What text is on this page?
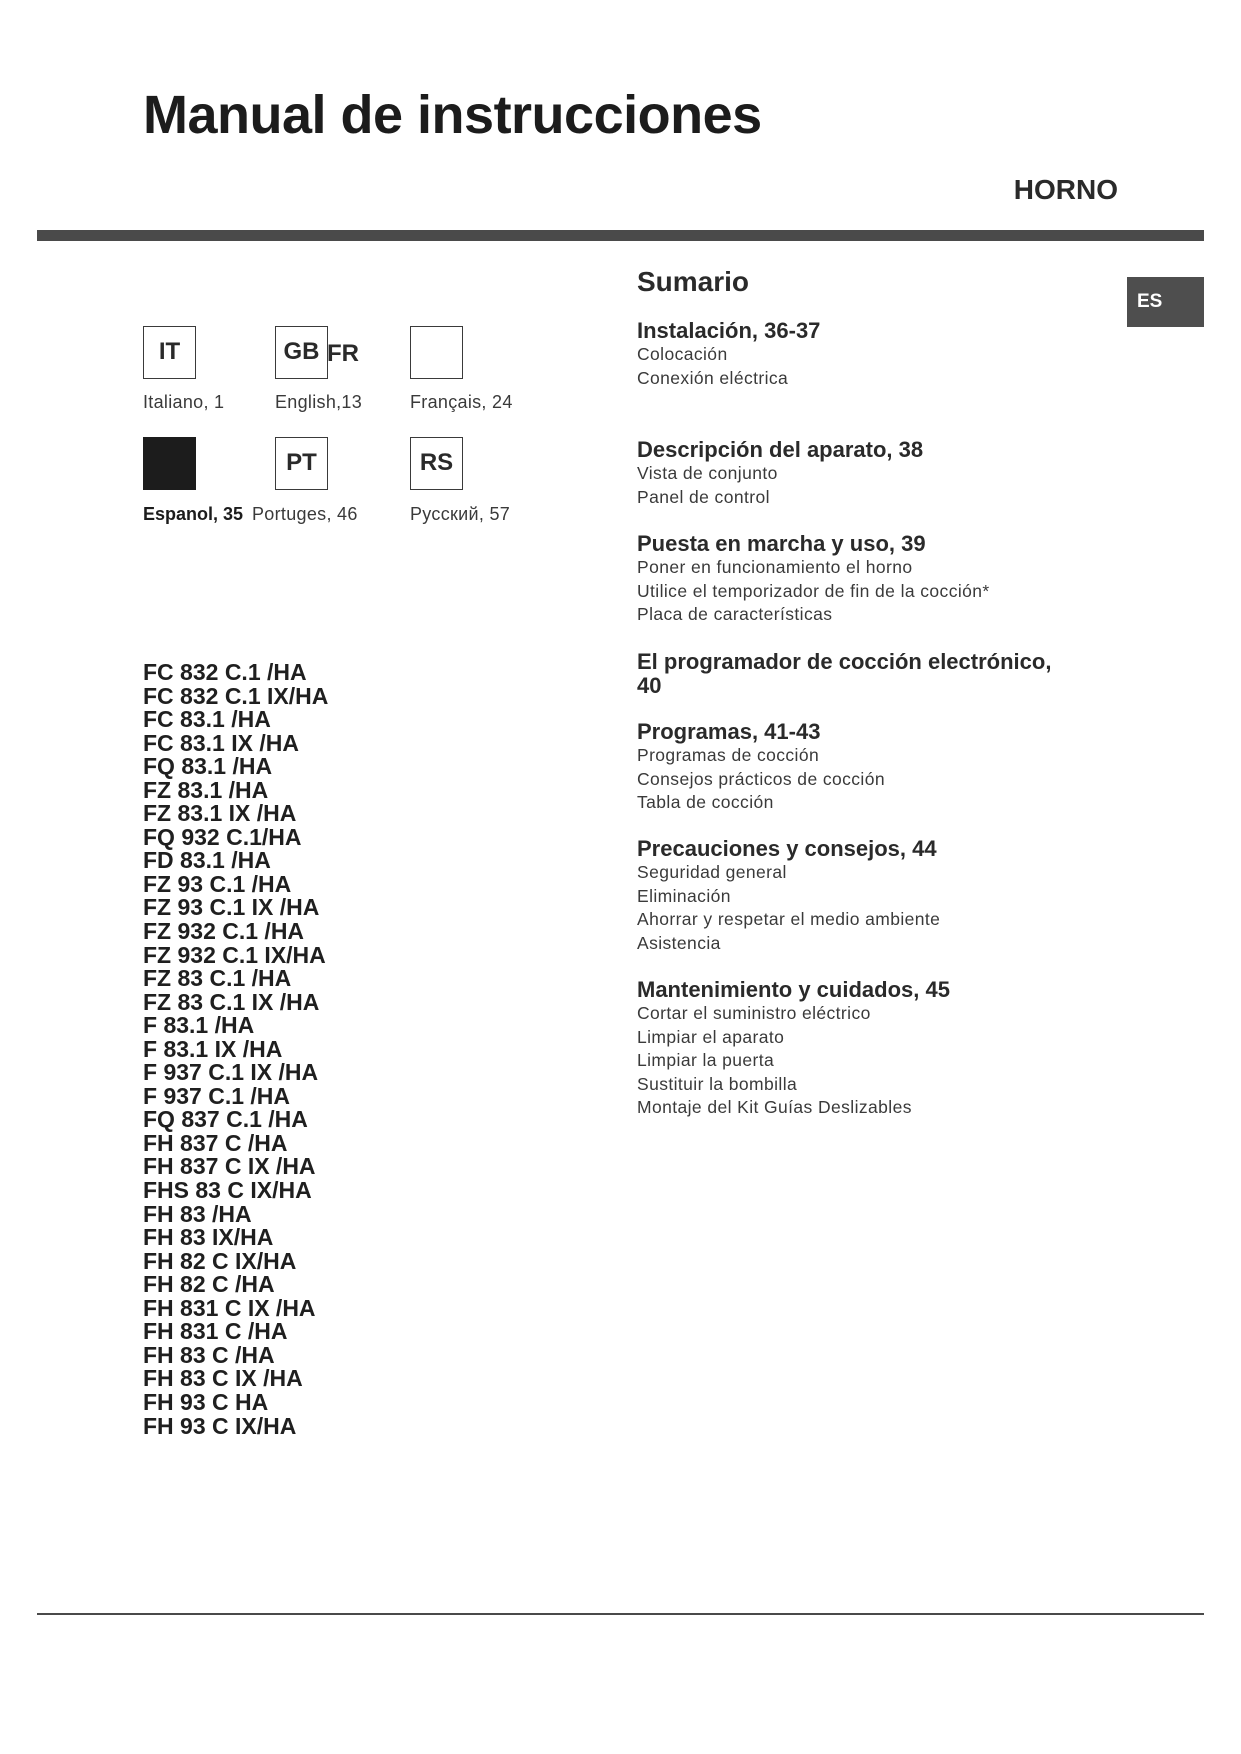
Manual de instrucciones
HORNO
ES
IT
Italiano, 1
GB FR
English,13	Français, 24
Espanol, 35
PT
Portuges, 46
RS
Русский, 57
FC 832 C.1 /HA
FC 832 C.1 IX/HA
FC 83.1 /HA
FC 83.1 IX /HA
FQ 83.1 /HA
FZ 83.1 /HA
FZ 83.1 IX /HA
FQ 932 C.1/HA
FD 83.1 /HA
FZ 93 C.1 /HA
FZ 93 C.1 IX /HA
FZ 932 C.1 /HA
FZ 932 C.1 IX/HA
FZ 83 C.1 /HA
FZ 83 C.1 IX /HA
F 83.1 /HA
F 83.1 IX /HA
F 937 C.1 IX /HA
F 937 C.1 /HA
FQ 837 C.1 /HA
FH 837 C /HA
FH 837 C IX /HA
FHS 83 C IX/HA
FH 83 /HA
FH 83 IX/HA
FH 82 C IX/HA
FH 82 C /HA
FH 831 C IX /HA
FH 831 C /HA
FH 83 C /HA
FH 83 C IX /HA
FH 93 C HA
FH 93 C IX/HA
Sumario
Instalación, 36-37
Colocación
Conexión eléctrica
Descripción del aparato, 38
Vista de conjunto
Panel de control
Puesta en marcha y uso, 39
Poner en funcionamiento el horno
Utilice el temporizador de fin de la cocción*
Placa de características
El programador de cocción electrónico,
40
Programas, 41-43
Programas de cocción
Consejos prácticos de cocción
Tabla de cocción
Precauciones y consejos, 44
Seguridad general
Eliminación
Ahorrar y respetar el medio ambiente
Asistencia
Mantenimiento y cuidados, 45
Cortar el suministro eléctrico
Limpiar el aparato
Limpiar la puerta
Sustituir la bombilla
Montaje del Kit Guías Deslizables
